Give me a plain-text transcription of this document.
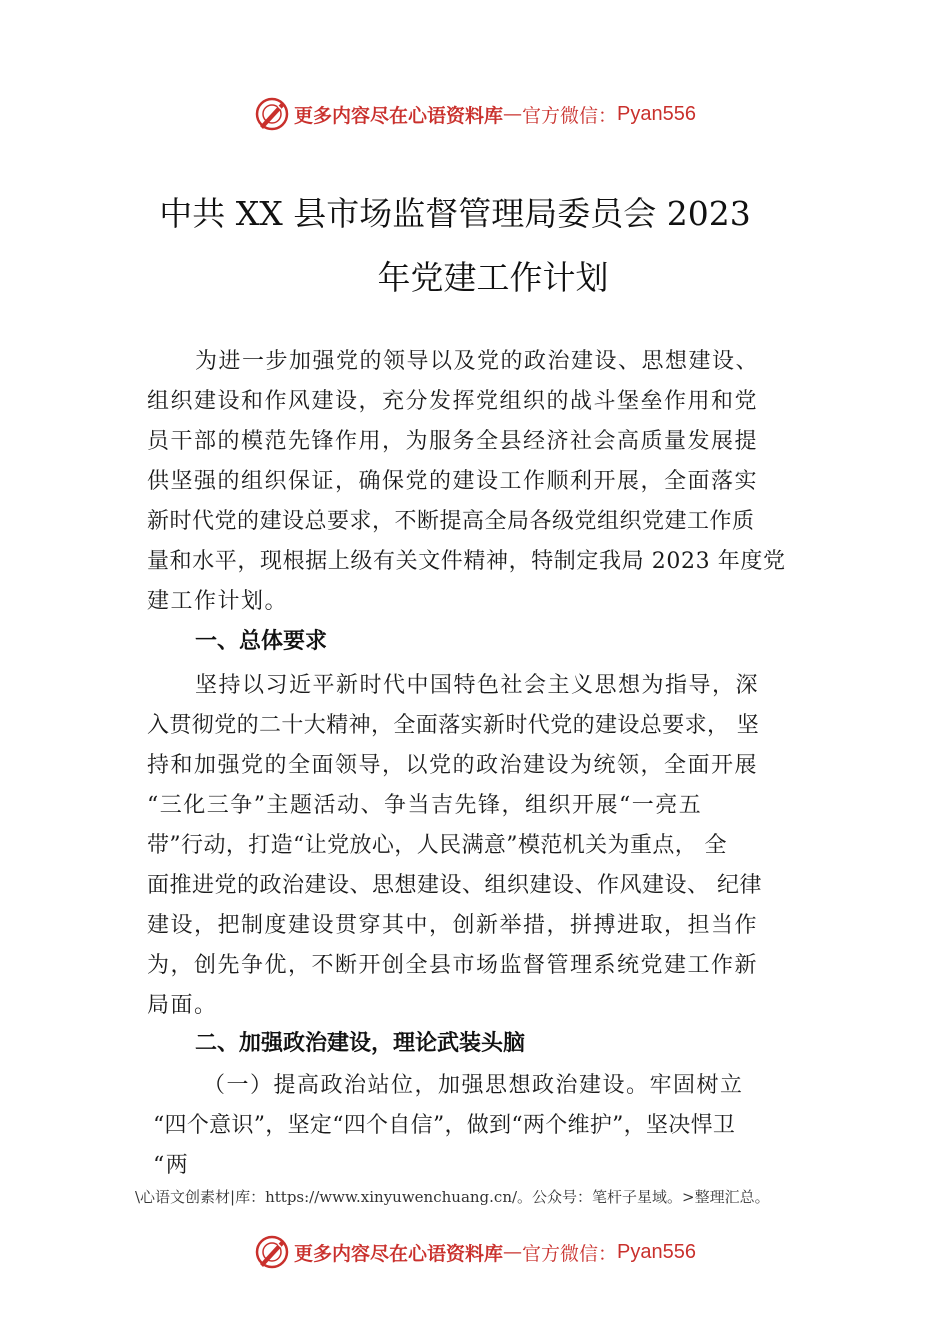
更多内容尽在心语资料库 — 官方微信： Pyan556
中共 XX 县市场监督管理局委员会 2023
年党建工作计划
为进一步加强党的领导以及党的政治建设、思想建设、
组织建设和作风建设，充分发挥党组织的战斗堡垒作用和党
员干部的模范先锋作用，为服务全县经济社会高质量发展提
供坚强的组织保证，确保党的建设工作顺利开展，全面落实
新时代党的建设总要求，不断提高全局各级党组织党建工作质
量和水平，现根据上级有关文件精神，特制定我局 2023 年度党
建工作计划。
一、总体要求
坚持以习近平新时代中国特色社会主义思想为指导，深
入贯彻党的二十大精神，全面落实新时代党的建设总要求， 坚
持和加强党的全面领导，以党的政治建设为统领，全面开展
“三化三争”主题活动、争当吉先锋，组织开展“一亮五
带”行动，打造“让党放心，人民满意”模范机关为重点， 全
面推进党的政治建设、思想建设、组织建设、作风建设、 纪律
建设，把制度建设贯穿其中，创新举措，拼搏进取，担当作
为，创先争优，不断开创全县市场监督管理系统党建工作新
局面。
二、加强政治建设，理论武装头脑
（一）提高政治站位，加强思想政治建设。牢固树立
“四个意识”，坚定“四个自信”，做到“两个维护”，坚决悍卫
“两
\心语文创素材|库：https://www.xinyuwenchuang.cn/。公众号：笔杆子星域。>整理汇总。
更多内容尽在心语资料库 — 官方微信： Pyan556
